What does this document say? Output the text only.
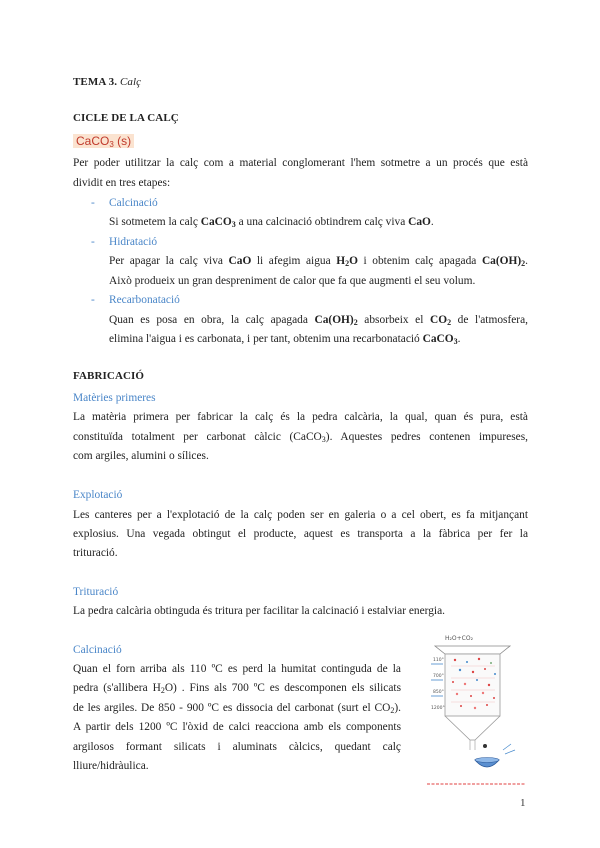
TEMA 3. Calç
CICLE DE LA CALÇ
CaCO$_3$ (s)
Per poder utilitzar la calç com a material conglomerant l'hem sotmetre a un procés que està
dividit en tres etapes:
- Calcinació
Si sotmetem la calç CaCO$_3$ a una calcinació obtindrem calç viva CaO.
- Hidratació
Per apagar la calç viva CaO li afegim aigua $H_2O$ i obtenim calç apagada $Ca(OH)_2$.
Això produeix un gran despreniment de calor que fa que augmenti el seu volum.
- Recarbonatació
Quan es posa en obra, la calç apagada $Ca(OH)_2$ absorbeix el $CO_2$ de l'atmosfera,
elimina l'aigua i es carbonata, i per tant, obtenim una recarbonatació CaCO$_3$.
FABRICACIÓ
Matèries primeres
La matèria primera per fabricar la calç és la pedra calcària, la qual, quan és pura, està
constituïda totalment per carbonat càlcic (CaCO$_3$). Aquestes pedres contenen impureses,
com argiles, alumini o sílices.
Explotació
Les canteres per a l'explotació de la calç poden ser en galeria o a cel obert, es fa mitjançant
explosius. Una vegada obtingut el producte, aquest es transporta a la fàbrica per fer la
trituració.
Trituració
La pedra calcària obtinguda és tritura per facilitar la calcinació i estalviar energia.
Calcinació
Quan el forn arriba als 110 ºC es perd la humitat continguda de la
pedra (s'allibera $H_2O$) . Fins als 700 ºC es descomponen els silicats
de les argiles. De 850 - 900 ºC es dissocia del carbonat (surt el $CO_2$).
A partir dels 1200 ºC l'òxid de calci reacciona amb els components
argilosos formant silicats i aluminats càlcics, quedant calç
lliure/hidràulica.
H₂O+CO₂
110°
700°
850°
1200°
1
